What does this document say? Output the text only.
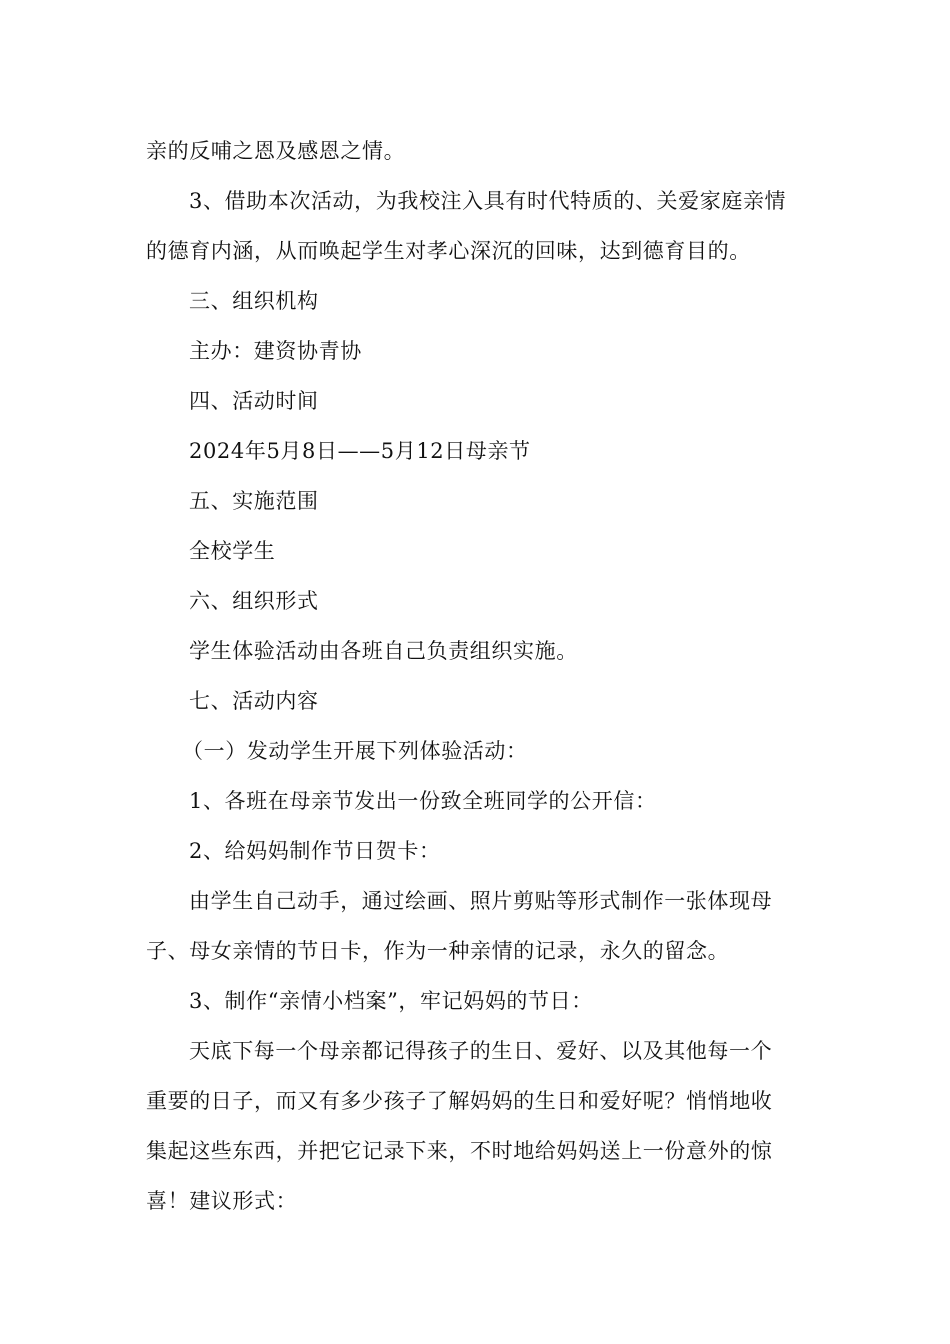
亲的反哺之恩及感恩之情。
3、借助本次活动，为我校注入具有时代特质的、关爱家庭亲情
的德育内涵，从而唤起学生对孝心深沉的回味，达到德育目的。
三、组织机构
主办：建资协青协
四、活动时间
2024年5月8日——5月12日母亲节
五、实施范围
全校学生
六、组织形式
学生体验活动由各班自己负责组织实施。
七、活动内容
（一）发动学生开展下列体验活动：
1、各班在母亲节发出一份致全班同学的公开信：
2、给妈妈制作节日贺卡：
由学生自己动手，通过绘画、照片剪贴等形式制作一张体现母
子、母女亲情的节日卡，作为一种亲情的记录，永久的留念。
3、制作“亲情小档案”，牢记妈妈的节日：
天底下每一个母亲都记得孩子的生日、爱好、以及其他每一个
重要的日子，而又有多少孩子了解妈妈的生日和爱好呢？悄悄地收
集起这些东西，并把它记录下来，不时地给妈妈送上一份意外的惊
喜！建议形式：
